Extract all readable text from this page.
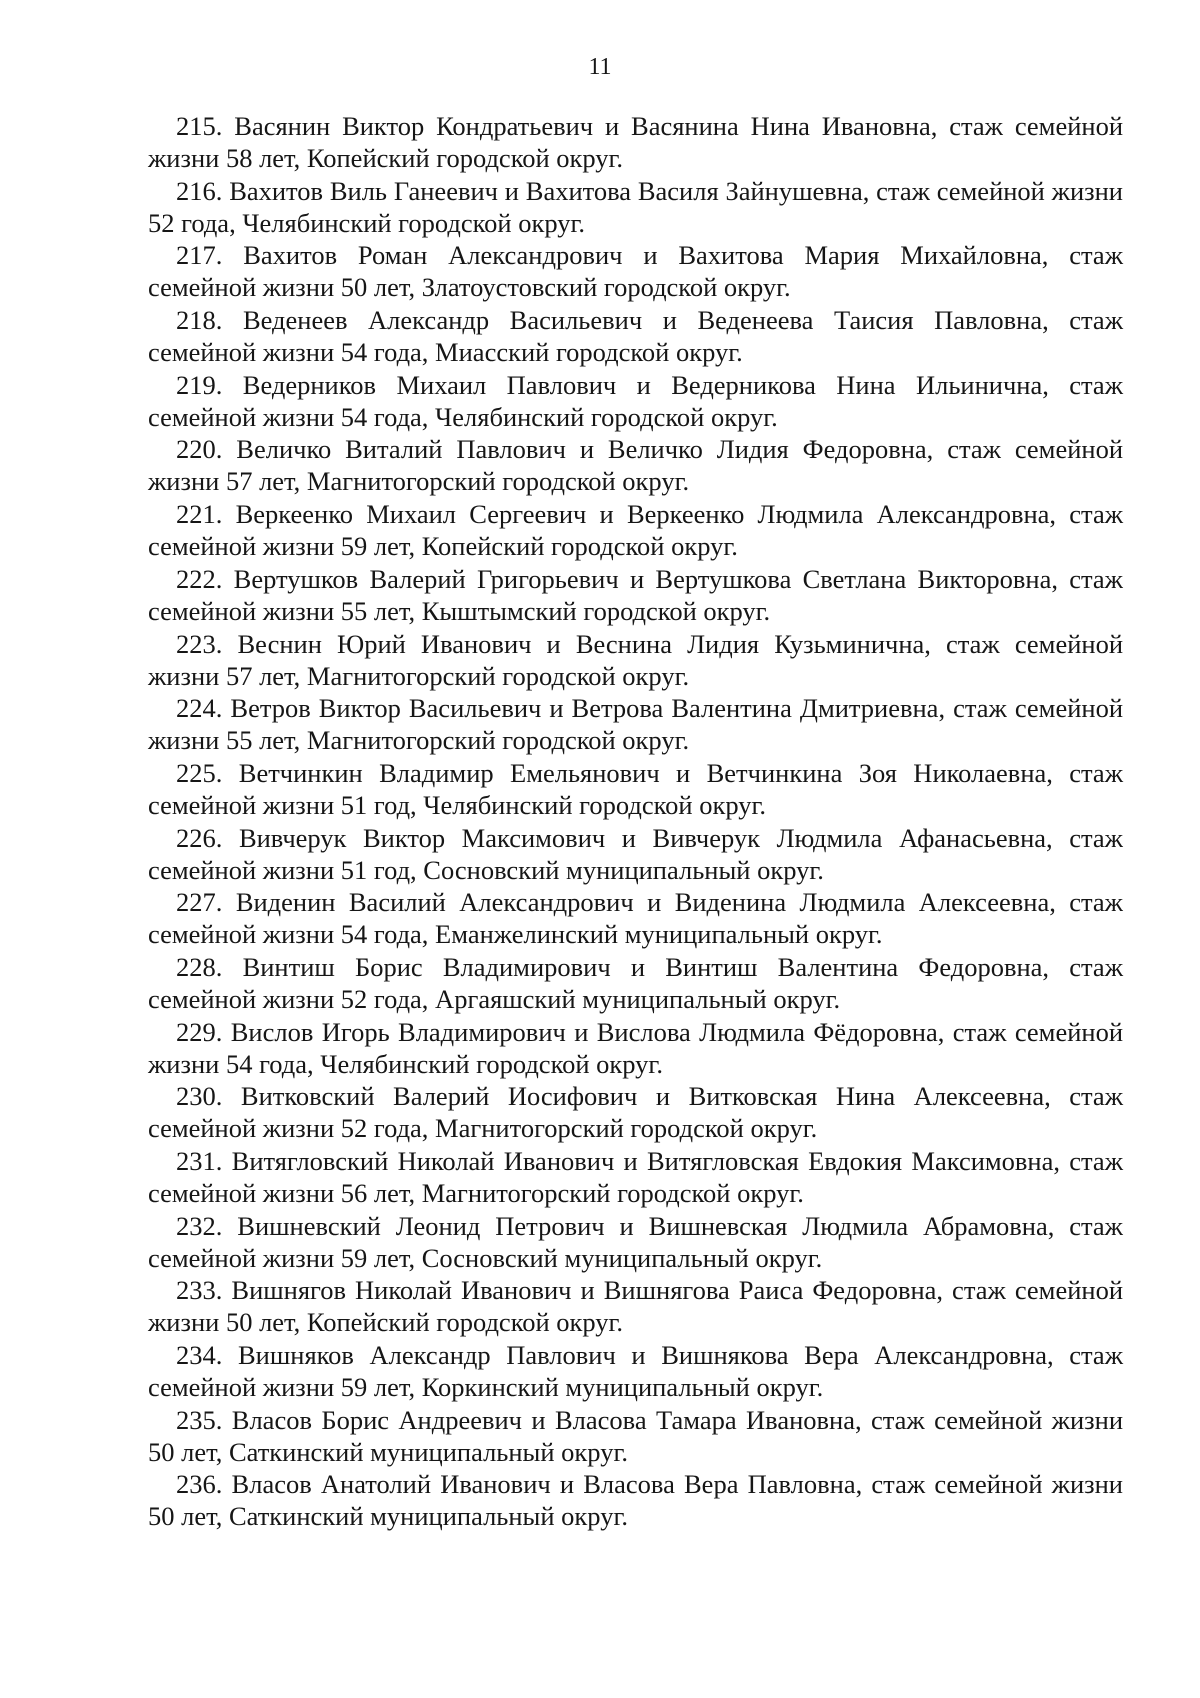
11
215. Васянин Виктор Кондратьевич и Васянина Нина Ивановна, стаж семейной жизни 58 лет, Копейский городской округ.
216. Вахитов Виль Ганеевич и Вахитова Василя Зайнушевна, стаж семейной жизни 52 года, Челябинский городской округ.
217. Вахитов Роман Александрович и Вахитова Мария Михайловна, стаж семейной жизни 50 лет, Златоустовский городской округ.
218. Веденеев Александр Васильевич и Веденеева Таисия Павловна, стаж семейной жизни 54 года, Миасский городской округ.
219. Ведерников Михаил Павлович и Ведерникова Нина Ильинична, стаж семейной жизни 54 года, Челябинский городской округ.
220. Величко Виталий Павлович и Величко Лидия Федоровна, стаж семейной жизни 57 лет, Магнитогорский городской округ.
221. Веркеенко Михаил Сергеевич и Веркеенко Людмила Александровна, стаж семейной жизни 59 лет, Копейский городской округ.
222. Вертушков Валерий Григорьевич и Вертушкова Светлана Викторовна, стаж семейной жизни 55 лет, Кыштымский городской округ.
223. Веснин Юрий Иванович и Веснина Лидия Кузьминична, стаж семейной жизни 57 лет, Магнитогорский городской округ.
224. Ветров Виктор Васильевич и Ветрова Валентина Дмитриевна, стаж семейной жизни 55 лет, Магнитогорский городской округ.
225. Ветчинкин Владимир Емельянович и Ветчинкина Зоя Николаевна, стаж семейной жизни 51 год, Челябинский городской округ.
226. Вивчерук Виктор Максимович и Вивчерук Людмила Афанасьевна, стаж семейной жизни 51 год, Сосновский муниципальный округ.
227. Виденин Василий Александрович и Виденина Людмила Алексеевна, стаж семейной жизни 54 года, Еманжелинский муниципальный округ.
228. Винтиш Борис Владимирович и Винтиш Валентина Федоровна, стаж семейной жизни 52 года, Аргаяшский муниципальный округ.
229. Вислов Игорь Владимирович и Вислова Людмила Фёдоровна, стаж семейной жизни 54 года, Челябинский городской округ.
230. Витковский Валерий Иосифович и Витковская Нина Алексеевна, стаж семейной жизни 52 года, Магнитогорский городской округ.
231. Витягловский Николай Иванович и Витягловская Евдокия Максимовна, стаж семейной жизни 56 лет, Магнитогорский городской округ.
232. Вишневский Леонид Петрович и Вишневская Людмила Абрамовна, стаж семейной жизни 59 лет, Сосновский муниципальный округ.
233. Вишнягов Николай Иванович и Вишнягова Раиса Федоровна, стаж семейной жизни 50 лет, Копейский городской округ.
234. Вишняков Александр Павлович и Вишнякова Вера Александровна, стаж семейной жизни 59 лет, Коркинский муниципальный округ.
235. Власов Борис Андреевич и Власова Тамара Ивановна, стаж семейной жизни 50 лет, Саткинский муниципальный округ.
236. Власов Анатолий Иванович и Власова Вера Павловна, стаж семейной жизни 50 лет, Саткинский муниципальный округ.
